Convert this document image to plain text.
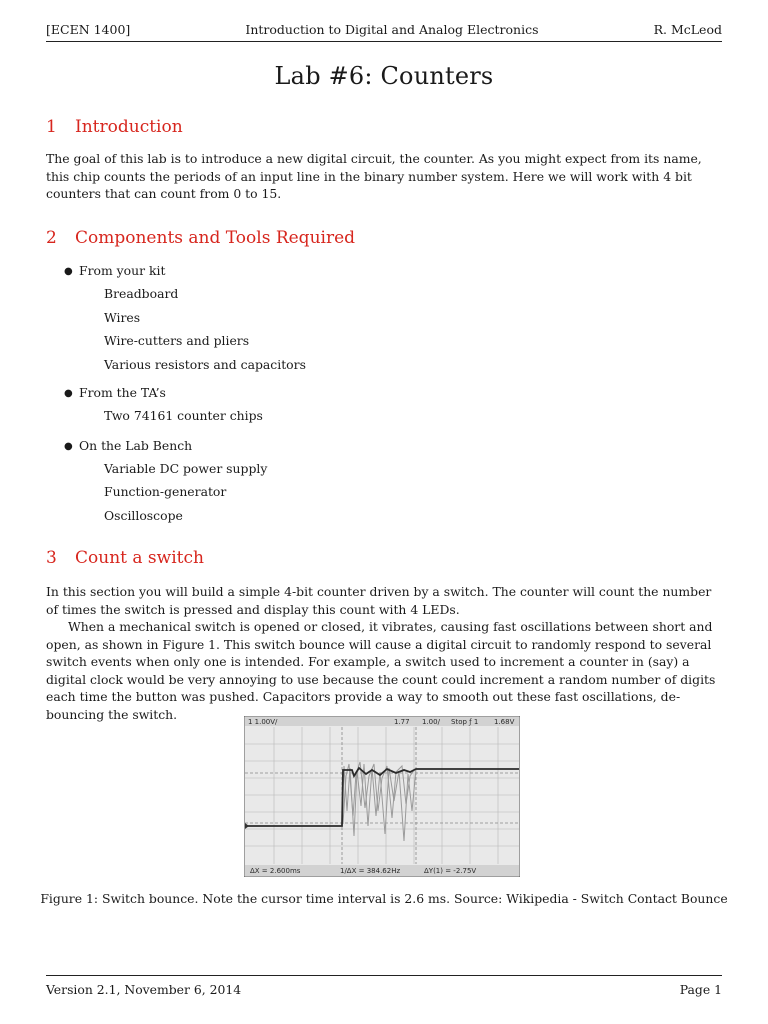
[ECEN 1400]	Introduction to Digital and Analog Electronics	R. McLeod
Lab #6: Counters
1 Introduction

The goal of this lab is to introduce a new digital circuit, the counter. As you might expect from its name, this chip counts the periods of an input line in the binary number system. Here we will work with 4 bit counters that can count from 0 to 15.

2 Components and Tools Required
● From your kit
Breadboard
Wires
Wire-cutters and pliers
Various resistors and capacitors
● From the TA’s
Two 74161 counter chips
● On the Lab Bench
Variable DC power supply
Function-generator
Oscilloscope
3 Count a switch

In this section you will build a simple 4-bit counter driven by a switch. The counter will count the number of times the switch is pressed and display this count with 4 LEDs.

When a mechanical switch is opened or closed, it vibrates, causing fast oscillations between short and open, as shown in Figure 1. This switch bounce will cause a digital circuit to randomly respond to several switch events when only one is intended. For example, a switch used to increment a counter in (say) a digital clock would be very annoying to use because the count could increment a random number of digits each time the button was pushed. Capacitors provide a way to smooth out these fast oscillations, de-bouncing the switch.

1 1.00V/	1.77 1.00/ Stop ƒ 1 1.68V
ΔX = 2.600ms	1/ΔX = 384.62Hz	ΔY(1) = -2.75V
Figure 1: Switch bounce. Note the cursor time interval is 2.6 ms. Source: Wikipedia - Switch Contact Bounce
Version 2.1, November 6, 2014	Page 1
